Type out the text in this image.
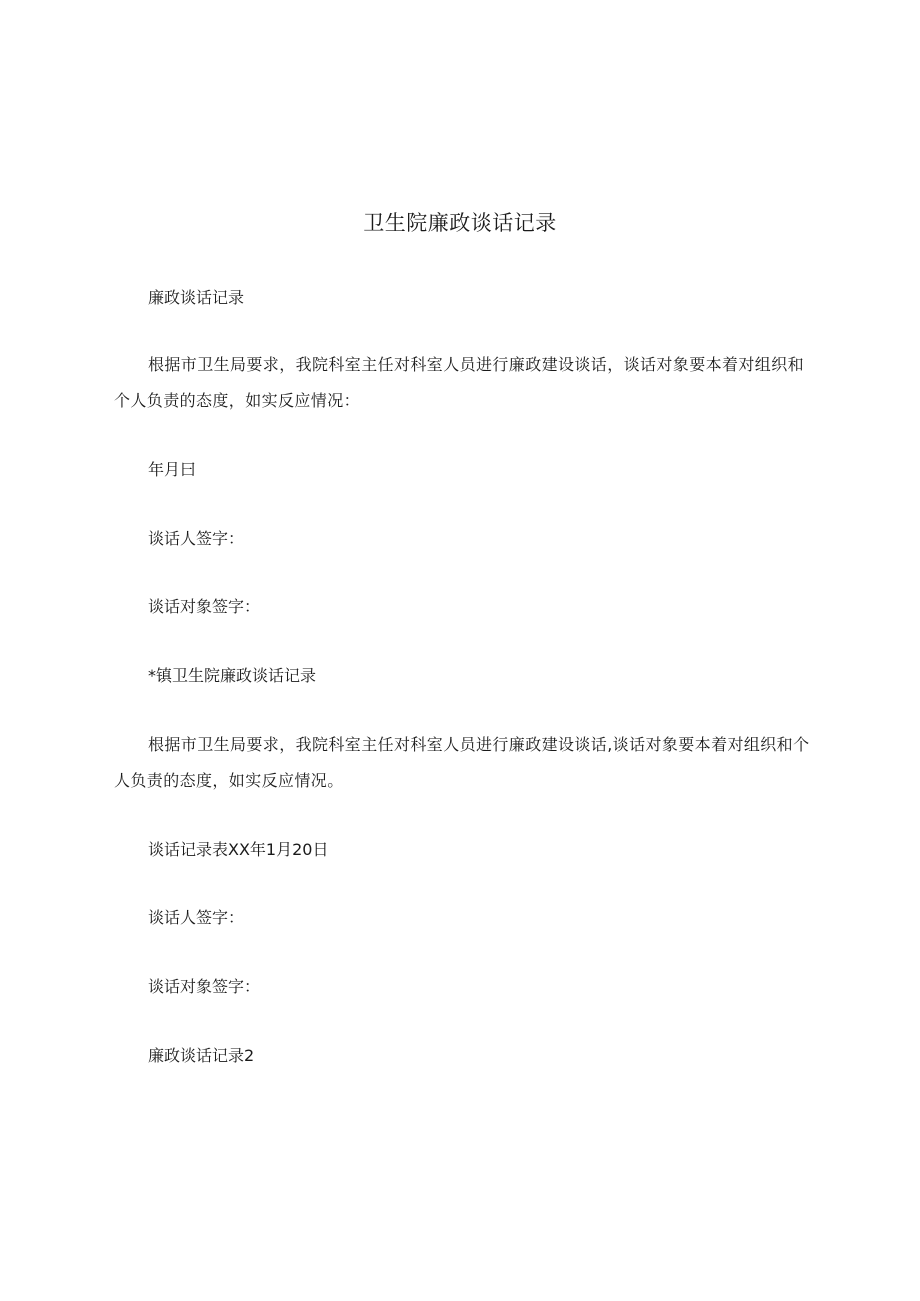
卫生院廉政谈话记录

廉政谈话记录

根据市卫生局要求，我院科室主任对科室人员进行廉政建设谈话，谈话对象要本着对组织和个人负责的态度，如实反应情况：

年月曰

谈话人签字：

谈话对象签字：

*镇卫生院廉政谈话记录

根据市卫生局要求，我院科室主任对科室人员进行廉政建设谈话,谈话对象要本着对组织和个人负责的态度，如实反应情况。

谈话记录表XX年1月20日

谈话人签字：

谈话对象签字：

廉政谈话记录2
